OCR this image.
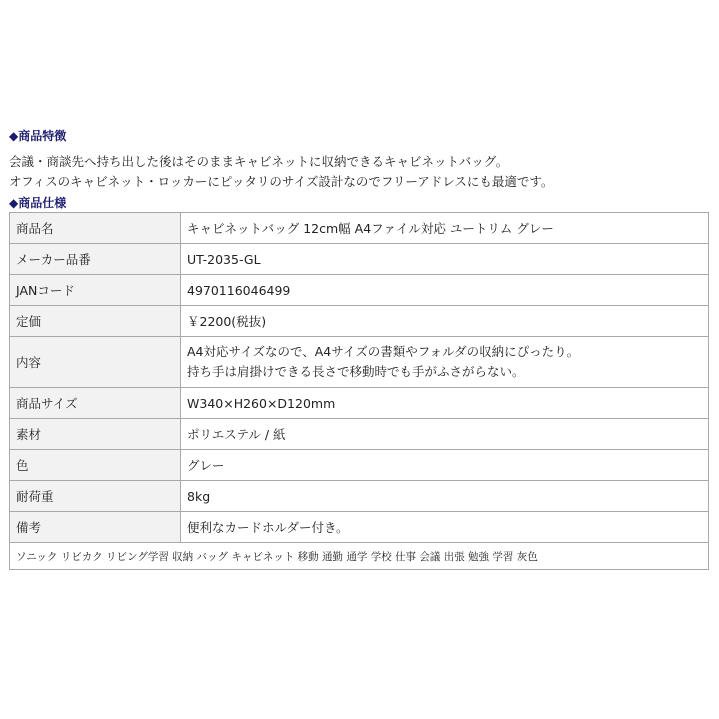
◆商品特徴
会議・商談先へ持ち出した後はそのままキャビネットに収納できるキャビネットバッグ。
オフィスのキャビネット・ロッカーにピッタリのサイズ設計なのでフリーアドレスにも最適です。
◆商品仕様
商品名	キャビネットバッグ 12cm幅 A4ファイル対応 ユートリム グレー
メーカー品番	UT-2035-GL
JANコード	4970116046499
定価	￥2200(税抜)
内容	A4対応サイズなので、A4サイズの書類やフォルダの収納にぴったり。
持ち手は肩掛けできる長さで移動時でも手がふさがらない。

商品サイズ	W340×H260×D120mm
素材	ポリエステル / 紙
色	グレー
耐荷重	8kg
備考	便利なカードホルダー付き。
ソニック リビカク リビング学習 収納 バッグ キャビネット 移動 通勤 通学 学校 仕事 会議 出張 勉強 学習 灰色	
